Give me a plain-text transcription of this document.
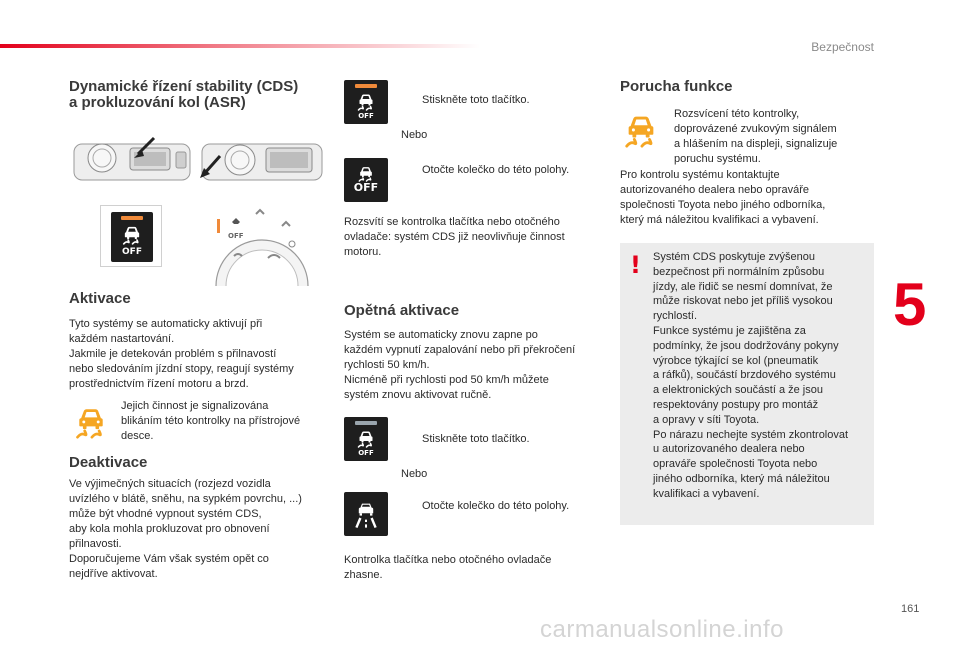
Bezpečnost
5
161
carmanualsonline.info
Dynamické řízení stability (CDS)
a prokluzování kol (ASR)
OFF
OFF
Aktivace
Tyto systémy se automaticky aktivují při
každém nastartování.
Jakmile je detekován problém s přilnavostí
nebo sledováním jízdní stopy, reagují systémy
prostřednictvím řízení motoru a brzd.
Jejich činnost je signalizována
blikáním této kontrolky na přístrojové
desce.
Deaktivace
Ve výjimečných situacích (rozjezd vozidla
uvízlého v blátě, sněhu, na sypkém povrchu, ...)
může být vhodné vypnout systém CDS,
aby kola mohla prokluzovat pro obnovení
přilnavosti.
Doporučujeme Vám však systém opět co
nejdříve aktivovat.
OFF
Stiskněte toto tlačítko.
Nebo
OFF
Otočte kolečko do této polohy.
Rozsvítí se kontrolka tlačítka nebo otočného
ovladače: systém CDS již neovlivňuje činnost
motoru.
Opětná aktivace
Systém se automaticky znovu zapne po
každém vypnutí zapalování nebo při překročení
rychlosti 50 km/h.
Nicméně při rychlosti pod 50 km/h můžete
systém znovu aktivovat ručně.
OFF
Stiskněte toto tlačítko.
Nebo
Otočte kolečko do této polohy.
Kontrolka tlačítka nebo otočného ovladače
zhasne.
Porucha funkce
Rozsvícení této kontrolky,
doprovázené zvukovým signálem
a hlášením na displeji, signalizuje
poruchu systému.
Pro kontrolu systému kontaktujte
autorizovaného dealera nebo opraváře
společnosti Toyota nebo jiného odborníka,
který má náležitou kvalifikaci a vybavení.
! Systém CDS poskytuje zvýšenou
bezpečnost při normálním způsobu
jízdy, ale řidič se nesmí domnívat, že
může riskovat nebo jet příliš vysokou
rychlostí.
Funkce systému je zajištěna za
podmínky, že jsou dodržovány pokyny
výrobce týkající se kol (pneumatik
a ráfků), součástí brzdového systému
a elektronických součástí a že jsou
respektovány postupy pro montáž
a opravy v síti Toyota.
Po nárazu nechejte systém zkontrolovat
u autorizovaného dealera nebo
opraváře společnosti Toyota nebo
jiného odborníka, který má náležitou
kvalifikaci a vybavení.
